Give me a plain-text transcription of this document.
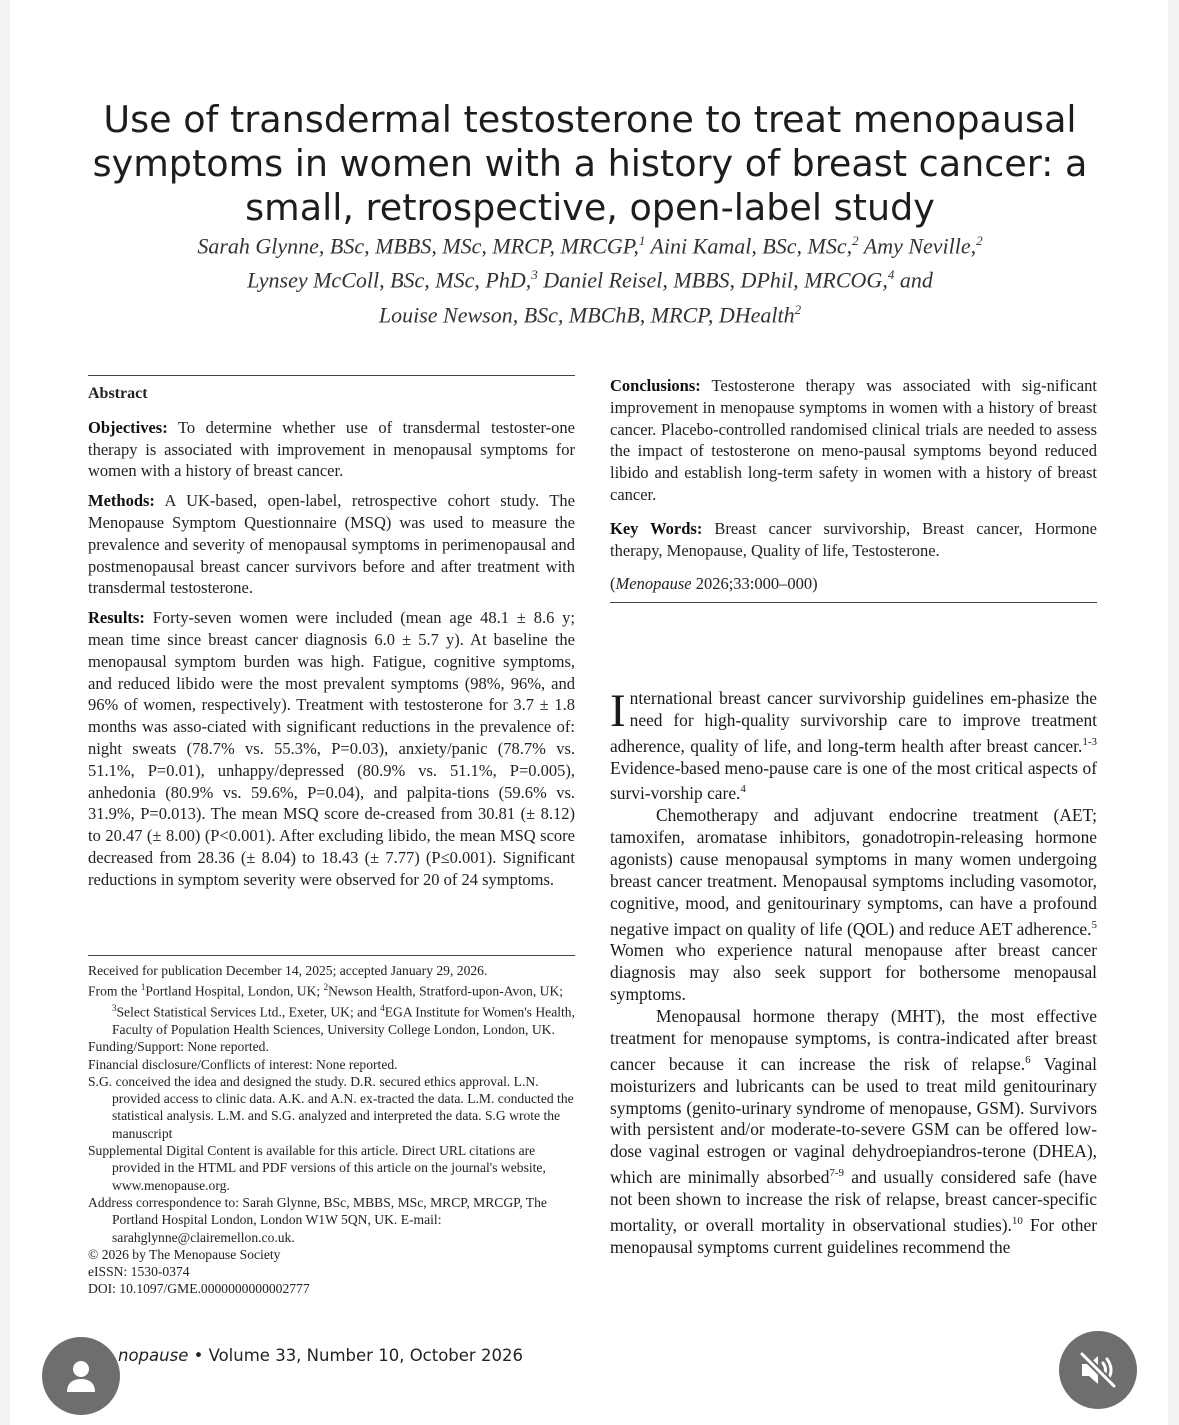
Use of transdermal testosterone to treat menopausal symptoms in women with a history of breast cancer: a small, retrospective, open-label study
Sarah Glynne, BSc, MBBS, MSc, MRCP, MRCGP,$^1$ Aini Kamal, BSc, MSc,$^2$ Amy Neville,$^2$
Lynsey McColl, BSc, MSc, PhD,$^3$ Daniel Reisel, MBBS, DPhil, MRCOG,$^4$ and
Louise Newson, BSc, MBChB, MRCP, DHealth$^2$
Abstract

Objectives: To determine whether use of transdermal testoster-one therapy is associated with improvement in menopausal symptoms for women with a history of breast cancer.

Methods: A UK-based, open-label, retrospective cohort study. The Menopause Symptom Questionnaire (MSQ) was used to measure the prevalence and severity of menopausal symptoms in perimenopausal and postmenopausal breast cancer survivors before and after treatment with transdermal testosterone.

Results: Forty-seven women were included (mean age 48.1 ± 8.6 y; mean time since breast cancer diagnosis 6.0 ± 5.7 y). At baseline the menopausal symptom burden was high. Fatigue, cognitive symptoms, and reduced libido were the most prevalent symptoms (98%, 96%, and 96% of women, respectively). Treatment with testosterone for 3.7 ± 1.8 months was asso-ciated with significant reductions in the prevalence of: night sweats (78.7% vs. 55.3%, P=0.03), anxiety/panic (78.7% vs. 51.1%, P=0.01), unhappy/depressed (80.9% vs. 51.1%, P=0.005), anhedonia (80.9% vs. 59.6%, P=0.04), and palpita-tions (59.6% vs. 31.9%, P=0.013). The mean MSQ score de-creased from 30.81 (± 8.12) to 20.47 (± 8.00) (P<0.001). After excluding libido, the mean MSQ score decreased from 28.36 (± 8.04) to 18.43 (± 7.77) (P≤0.001). Significant reductions in symptom severity were observed for 20 of 24 symptoms.

Conclusions: Testosterone therapy was associated with sig-nificant improvement in menopause symptoms in women with a history of breast cancer. Placebo-controlled randomised clinical trials are needed to assess the impact of testosterone on meno-pausal symptoms beyond reduced libido and establish long-term safety in women with a history of breast cancer.

Key Words: Breast cancer survivorship, Breast cancer, Hormone therapy, Menopause, Quality of life, Testosterone.

(Menopause 2026;33:000–000)

Received for publication December 14, 2025; accepted January 29, 2026.

From the $^1$Portland Hospital, London, UK; $^2$Newson Health, Stratford-upon-Avon, UK; $^3$Select Statistical Services Ltd., Exeter, UK; and $^4$EGA Institute for Women's Health, Faculty of Population Health Sciences, University College London, London, UK.

Funding/Support: None reported.

Financial disclosure/Conflicts of interest: None reported.

S.G. conceived the idea and designed the study. D.R. secured ethics approval. L.N. provided access to clinic data. A.K. and A.N. ex-tracted the data. L.M. conducted the statistical analysis. L.M. and S.G. analyzed and interpreted the data. S.G wrote the manuscript

Supplemental Digital Content is available for this article. Direct URL citations are provided in the HTML and PDF versions of this article on the journal's website, www.menopause.org.

Address correspondence to: Sarah Glynne, BSc, MBBS, MSc, MRCP, MRCGP, The Portland Hospital London, London W1W 5QN, UK. E-mail: sarahglynne@clairemellon.co.uk.

© 2026 by The Menopause Society

eISSN: 1530-0374

DOI: 10.1097/GME.0000000000002777

International breast cancer survivorship guidelines em-phasize the need for high-quality survivorship care to improve treatment adherence, quality of life, and long-term health after breast cancer.$^{1-3}$ Evidence-based meno-pause care is one of the most critical aspects of survi-vorship care.$^4$

Chemotherapy and adjuvant endocrine treatment (AET; tamoxifen, aromatase inhibitors, gonadotropin-releasing hormone agonists) cause menopausal symptoms in many women undergoing breast cancer treatment. Menopausal symptoms including vasomotor, cognitive, mood, and genitourinary symptoms, can have a profound negative impact on quality of life (QOL) and reduce AET adherence.$^5$ Women who experience natural menopause after breast cancer diagnosis may also seek support for bothersome menopausal symptoms.

Menopausal hormone therapy (MHT), the most effective treatment for menopause symptoms, is contra-indicated after breast cancer because it can increase the risk of relapse.$^6$ Vaginal moisturizers and lubricants can be used to treat mild genitourinary symptoms (genito-urinary syndrome of menopause, GSM). Survivors with persistent and/or moderate-to-severe GSM can be offered low-dose vaginal estrogen or vaginal dehydroepiandros-terone (DHEA), which are minimally absorbed$^{7-9}$ and usually considered safe (have not been shown to increase the risk of relapse, breast cancer-specific mortality, or overall mortality in observational studies).$^{10}$ For other menopausal symptoms current guidelines recommend the

nopause • Volume 33, Number 10, October 2026
